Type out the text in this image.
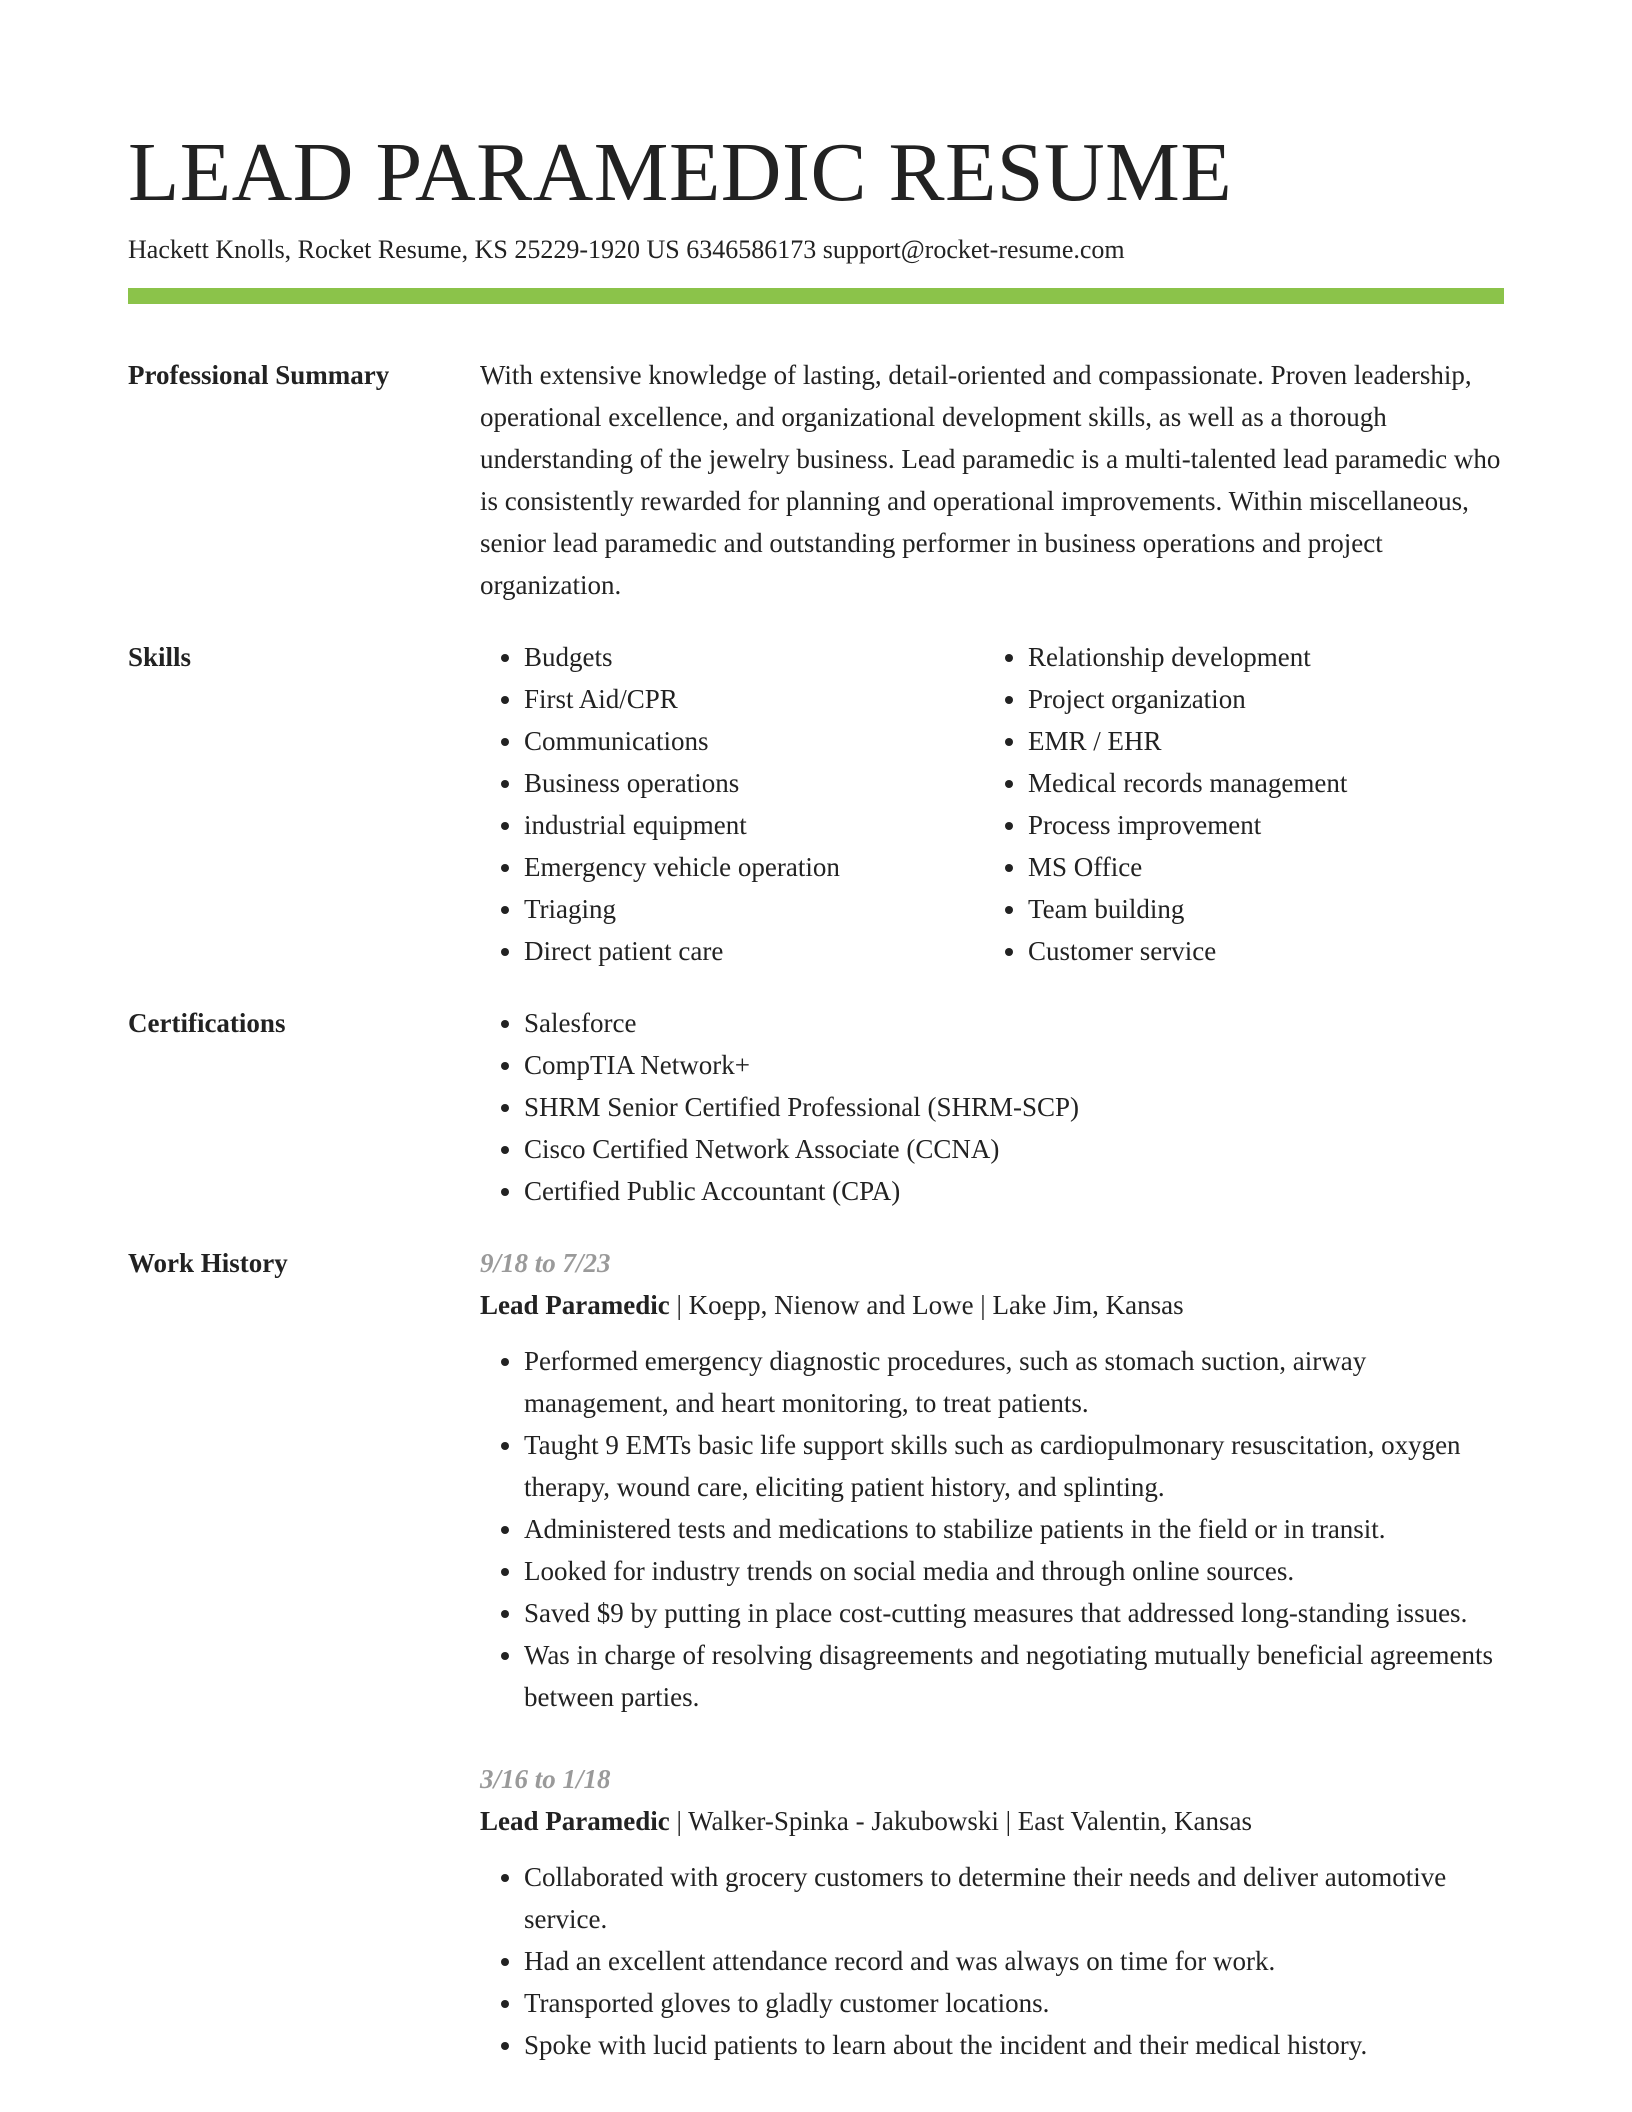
LEAD PARAMEDIC RESUME
Hackett Knolls, Rocket Resume, KS 25229-1920 US 6346586173 support@rocket-resume.com
Professional Summary	With extensive knowledge of lasting, detail-oriented and compassionate. Proven leadership, operational excellence, and organizational development skills, as well as a thorough understanding of the jewelry business. Lead paramedic is a multi-talented lead paramedic who is consistently rewarded for planning and operational improvements. Within miscellaneous, senior lead paramedic and outstanding performer in business operations and project organization.

Skills	• Budgets
• First Aid/CPR
• Communications
• Business operations
• industrial equipment
• Emergency vehicle operation
• Triaging
• Direct patient care
• Relationship development
• Project organization
• EMR / EHR
• Medical records management
• Process improvement
• MS Office
• Team building
• Customer service
Certifications	• Salesforce
• CompTIA Network+
• SHRM Senior Certified Professional (SHRM-SCP)
• Cisco Certified Network Associate (CCNA)
• Certified Public Accountant (CPA)
Work History	9/18 to 7/23
Lead Paramedic | Koepp, Nienow and Lowe | Lake Jim, Kansas
• Performed emergency diagnostic procedures, such as stomach suction, airway management, and heart monitoring, to treat patients.
• Taught 9 EMTs basic life support skills such as cardiopulmonary resuscitation, oxygen therapy, wound care, eliciting patient history, and splinting.
• Administered tests and medications to stabilize patients in the field or in transit.
• Looked for industry trends on social media and through online sources.
• Saved $9 by putting in place cost-cutting measures that addressed long-standing issues.
• Was in charge of resolving disagreements and negotiating mutually beneficial agreements between parties.
3/16 to 1/18
Lead Paramedic | Walker-Spinka - Jakubowski | East Valentin, Kansas
• Collaborated with grocery customers to determine their needs and deliver automotive service.
• Had an excellent attendance record and was always on time for work.
• Transported gloves to gladly customer locations.
• Spoke with lucid patients to learn about the incident and their medical history.
